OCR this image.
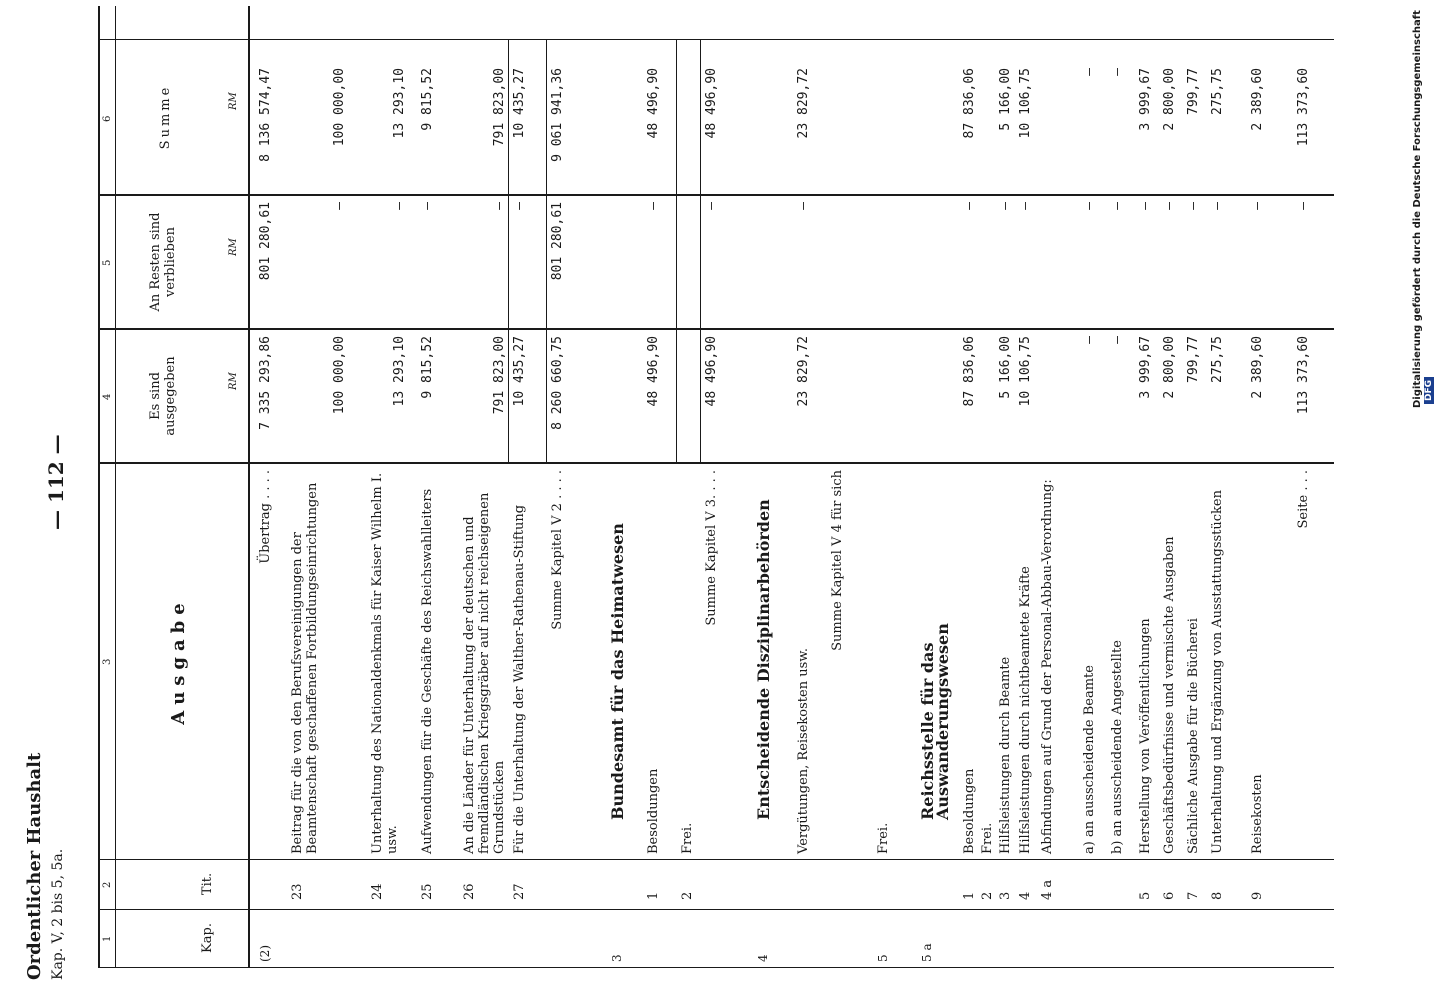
Ordentlicher Haushalt Kap. V, 2 bis 5, 5a.
— 112 —
1
2
3
4
5
6
Kap.
Tit.
Ausgabe
Es sind ausgegeben
An Resten sind verblieben
Summe
RM
RM
RM
(2)
Übertrag . . . .
7 335 293,86
801 280,61
8 136 574,47
23
Beitrag für die von den Berufsvereinigungen der Beamtenschaft geschaffenen Fortbildungseinrichtungen
100 000,00
—
100 000,00
24
Unterhaltung des Nationaldenkmals für Kaiser Wilhelm I. usw.
13 293,10
—
13 293,10
25
Aufwendungen für die Geschäfte des Reichswahlleiters
9 815,52
—
9 815,52
26
An die Länder für Unterhaltung der deutschen und fremdländischen Kriegsgräber auf nicht reichseigenen Grundstücken
791 823,00
—
791 823,00
27
Für die Unterhaltung der Walther-Rathenau-Stiftung
10 435,27
—
10 435,27
Summe Kapitel V 2 . . . .
8 260 660,75
801 280,61
9 061 941,36
3
Bundesamt für das Heimatwesen
1
Besoldungen
48 496,90
—
48 496,90
2
Frei.
Summe Kapitel V 3. . . .
48 496,90
—
48 496,90
4
Entscheidende Disziplinarbehörden Vergütungen, Reisekosten usw.
23 829,72
—
23 829,72
Summe Kapitel V 4 für sich
5
Frei.
5 a
Reichsstelle für das Auswanderungswesen
1
Besoldungen
87 836,06
—
87 836,06
2
Frei.
3
Hilfsleistungen durch Beamte
5 166,00
—
5 166,00
4
Hilfsleistungen durch nichtbeamtete Kräfte
10 106,75
—
10 106,75
4 a
Abfindungen auf Grund der Personal-Abbau-Verordnung: a) an ausscheidende Beamte
—
—
—
b) an ausscheidende Angestellte
—
—
—
5
Herstellung von Veröffentlichungen
3 999,67
—
3 999,67
6
Geschäftsbedürfnisse und vermischte Ausgaben
2 800,00
—
2 800,00
7
Sächliche Ausgabe für die Bücherei
799,77
—
799,77
8
Unterhaltung und Ergänzung von Ausstattungsstücken
275,75
—
275,75
9
Reisekosten
2 389,60
—
2 389,60
Seite . . .
113 373,60
—
113 373,60	Digitalisierung gefördert durch die Deutsche Forschungsgemeinschaft DFG
